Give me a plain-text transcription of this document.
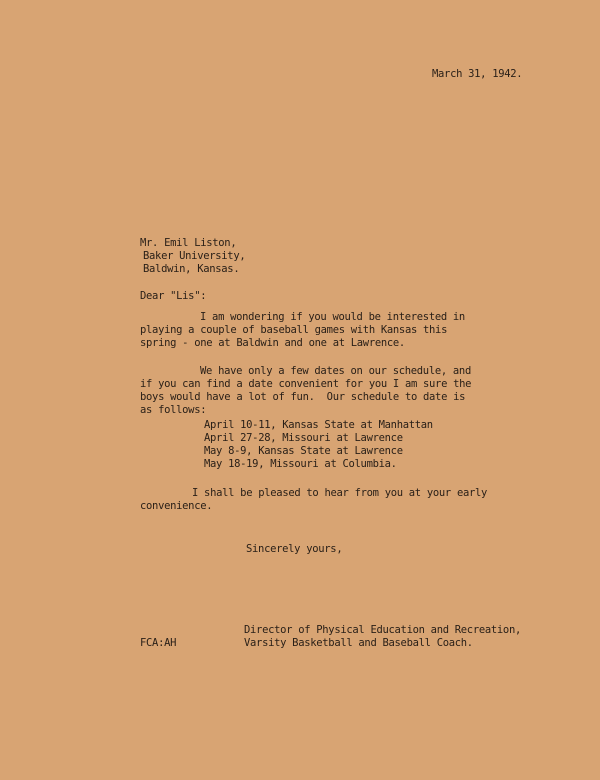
March 31, 1942.
Mr. Emil Liston,
Baker University,
Baldwin, Kansas.
Dear "Lis":
I am wondering if you would be interested in
playing a couple of baseball games with Kansas this
spring - one at Baldwin and one at Lawrence.
We have only a few dates on our schedule, and
if you can find a date convenient for you I am sure the
boys would have a lot of fun.  Our schedule to date is
as follows:
April 10-11, Kansas State at Manhattan
April 27-28, Missouri at Lawrence
May 8-9, Kansas State at Lawrence
May 18-19, Missouri at Columbia.
I shall be pleased to hear from you at your early
convenience.
Sincerely yours,
FCA:AH
Director of Physical Education and Recreation,
Varsity Basketball and Baseball Coach.
